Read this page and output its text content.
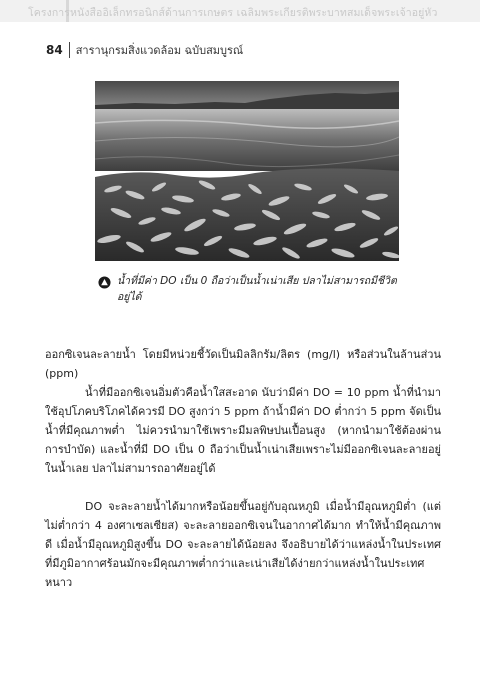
โครงการหนังสืออิเล็กทรอนิกส์ด้านการเกษตร เฉลิมพระเกียรติพระบาทสมเด็จพระเจ้าอยู่หัว
84 สารานุกรมสิ่งแวดล้อม ฉบับสมบูรณ์
น้ำที่มีค่า DO เป็น 0 ถือว่าเป็นน้ำเน่าเสีย ปลาไม่สามารถมีชีวิตอยู่ได้

ออกซิเจนละลายน้ำ โดยมีหน่วยชี้วัดเป็นมิลลิกรัม/ลิตร (mg/l) หรือส่วนในล้านส่วน (ppm)

น้ำที่มีออกซิเจนอิ่มตัวคือน้ำใสสะอาด นับว่ามีค่า DO = 10 ppm น้ำที่นำมาใช้อุปโภคบริโภคได้ควรมี DO สูงกว่า 5 ppm ถ้าน้ำมีค่า DO ต่ำกว่า 5 ppm จัดเป็นน้ำที่มีคุณภาพต่ำ ไม่ควรนำมาใช้เพราะมีมลพิษปนเปื้อนสูง (หากนำมาใช้ต้องผ่านการบำบัด) และน้ำที่มี DO เป็น 0 ถือว่าเป็นน้ำเน่าเสียเพราะไม่มีออกซิเจนละลายอยู่ในน้ำเลย ปลาไม่สามารถอาศัยอยู่ได้

DO จะละลายน้ำได้มากหรือน้อยขึ้นอยู่กับอุณหภูมิ เมื่อน้ำมีอุณหภูมิต่ำ (แต่ไม่ต่ำกว่า 4 องศาเซลเซียส) จะละลายออกซิเจนในอากาศได้มาก ทำให้น้ำมีคุณภาพดี เมื่อน้ำมีอุณหภูมิสูงขึ้น DO จะละลายได้น้อยลง จึงอธิบายได้ว่าแหล่งน้ำในประเทศที่มีภูมิอากาศร้อนมักจะมีคุณภาพต่ำกว่าและเน่าเสียได้ง่ายกว่าแหล่งน้ำในประเทศหนาว
